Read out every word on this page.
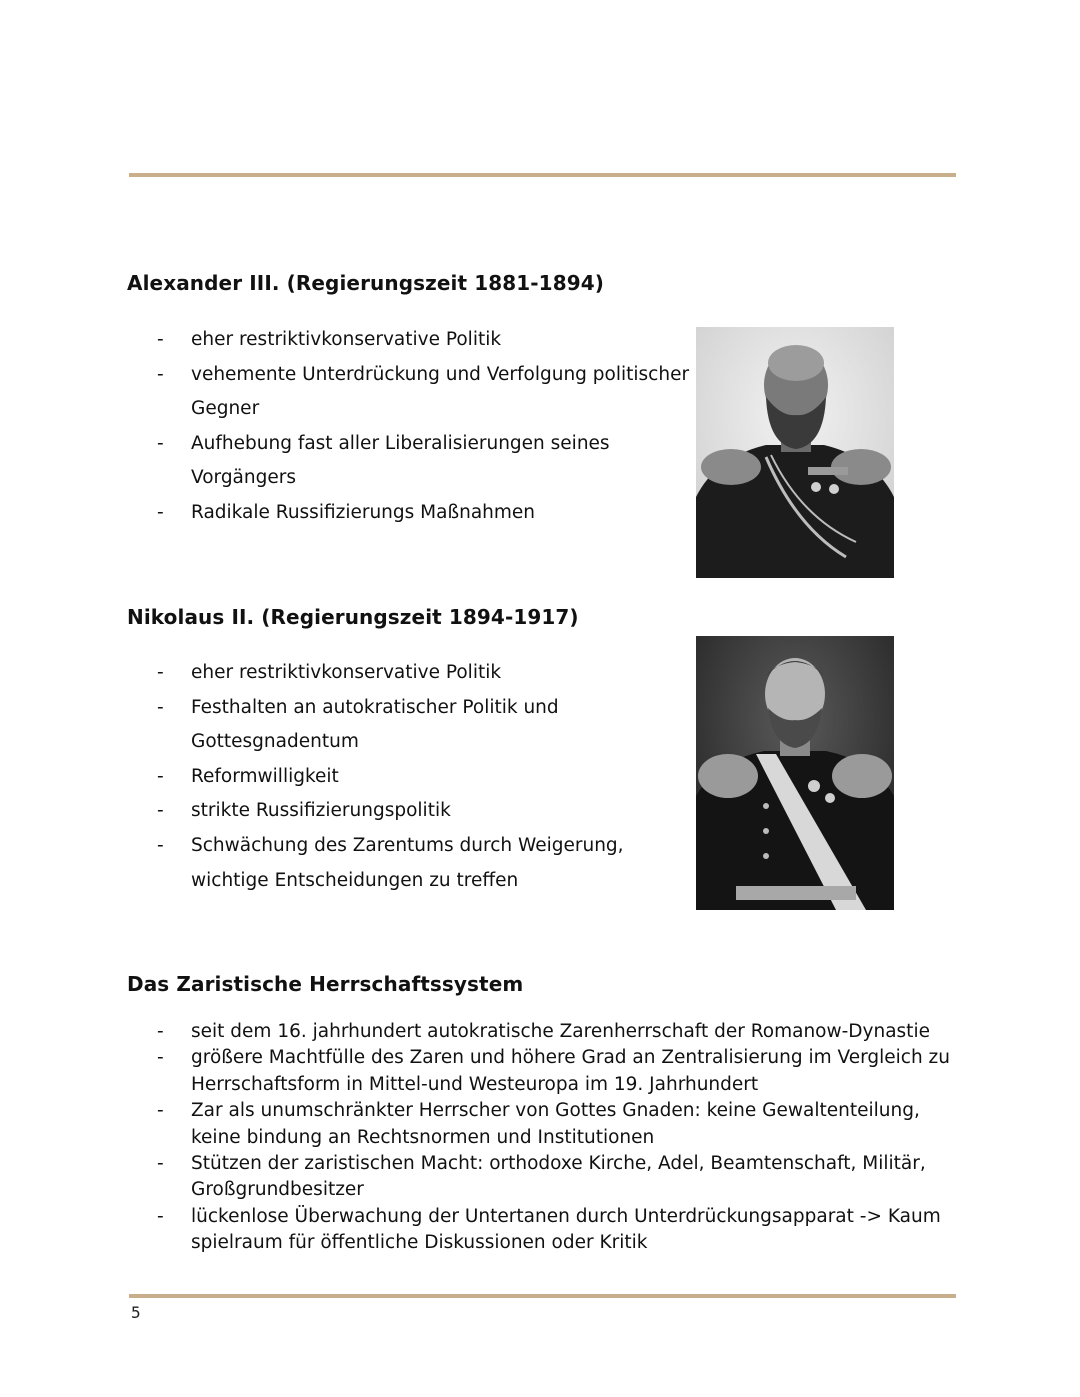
Alexander III. (Regierungszeit 1881-1894)
- eher restriktivkonservative Politik
- vehemente Unterdrückung und Verfolgung politischer
Gegner
- Aufhebung fast aller Liberalisierungen seines
Vorgängers
- Radikale Russifizierungs Maßnahmen
Nikolaus II. (Regierungszeit 1894-1917)
- eher restriktivkonservative Politik
- Festhalten an autokratischer Politik und
Gottesgnadentum
- Reformwilligkeit
- strikte Russifizierungspolitik
- Schwächung des Zarentums durch Weigerung,
wichtige Entscheidungen zu treffen
Das Zaristische Herrschaftssystem
- seit dem 16. jahrhundert autokratische Zarenherrschaft der Romanow-Dynastie
- größere Machtfülle des Zaren und höhere Grad an Zentralisierung im Vergleich zu
Herrschaftsform in Mittel-und Westeuropa im 19. Jahrhundert
- Zar als unumschränkter Herrscher von Gottes Gnaden: keine Gewaltenteilung,
keine bindung an Rechtsnormen und Institutionen
- Stützen der zaristischen Macht: orthodoxe Kirche, Adel, Beamtenschaft, Militär,
Großgrundbesitzer
- lückenlose Überwachung der Untertanen durch Unterdrückungsapparat -> Kaum
spielraum für öffentliche Diskussionen oder Kritik
5
